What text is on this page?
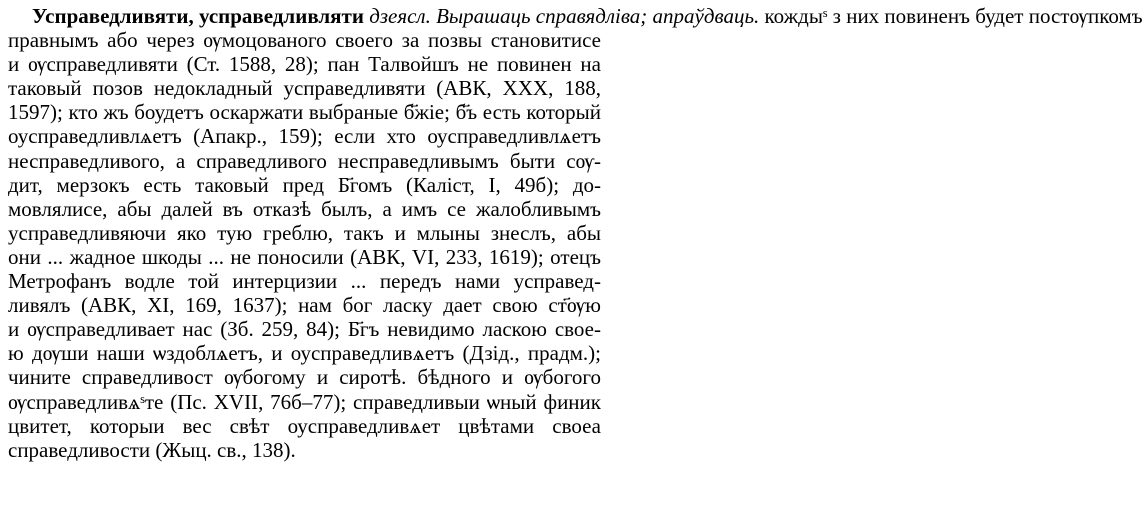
Усправедливяти, усправедливляти дзеясл. Вырашаць справядліва; апраўдваць. кождыˢ з них повиненъ будет постѹпкомъ
правнымъ або через ѹмоцованого своего за позвы становитисе
и ѹсправедливяти (Ст. 1588, 28); пан Талвойшъ не повинен на
таковый позов недокладный усправедливяти (АВК, XXX, 188,
1597); кто жъ боудетъ оскаржати выбраные б҃жіе; б҃ъ есть который
оусправедливлѧетъ (Апакр., 159); если хто оусправедливлѧетъ
несправедливого, а справедливого несправедливымъ быти сѹ-
дит, мерзокъ есть таковый пред Б҃гомъ (Каліст, I, 49б); до-
мовлялисе, абы далей въ отказѣ былъ, а имъ се жалобливымъ
усправедливяючи яко тую греблю, такъ и млыны знеслъ, абы
они ... жадное шкоды ... не поносили (АВК, VI, 233, 1619); отецъ
Метрофанъ водле той интерцизии ... передъ нами усправед-
ливялъ (АВК, XI, 169, 1637); нам бог ласку дает свою ст҃ѹю
и ѹсправедливает нас (Зб. 259, 84); Б҃гъ невидимо ласкою свое-
ю дѹши наши ѡздоблѧетъ, и оусправедливѧетъ (Дзід., прадм.);
чините справедливост ѹбогому и сиротѣ. бѣдного и ѹбогого
ѹсправедливѧˢте (Пс. XVII, 76б–77); справедливыи ѡный финик
цвитет, которыи вес свѣт оусправедливѧет цвѣтами своеа
справедливости (Жыц. св., 138).
